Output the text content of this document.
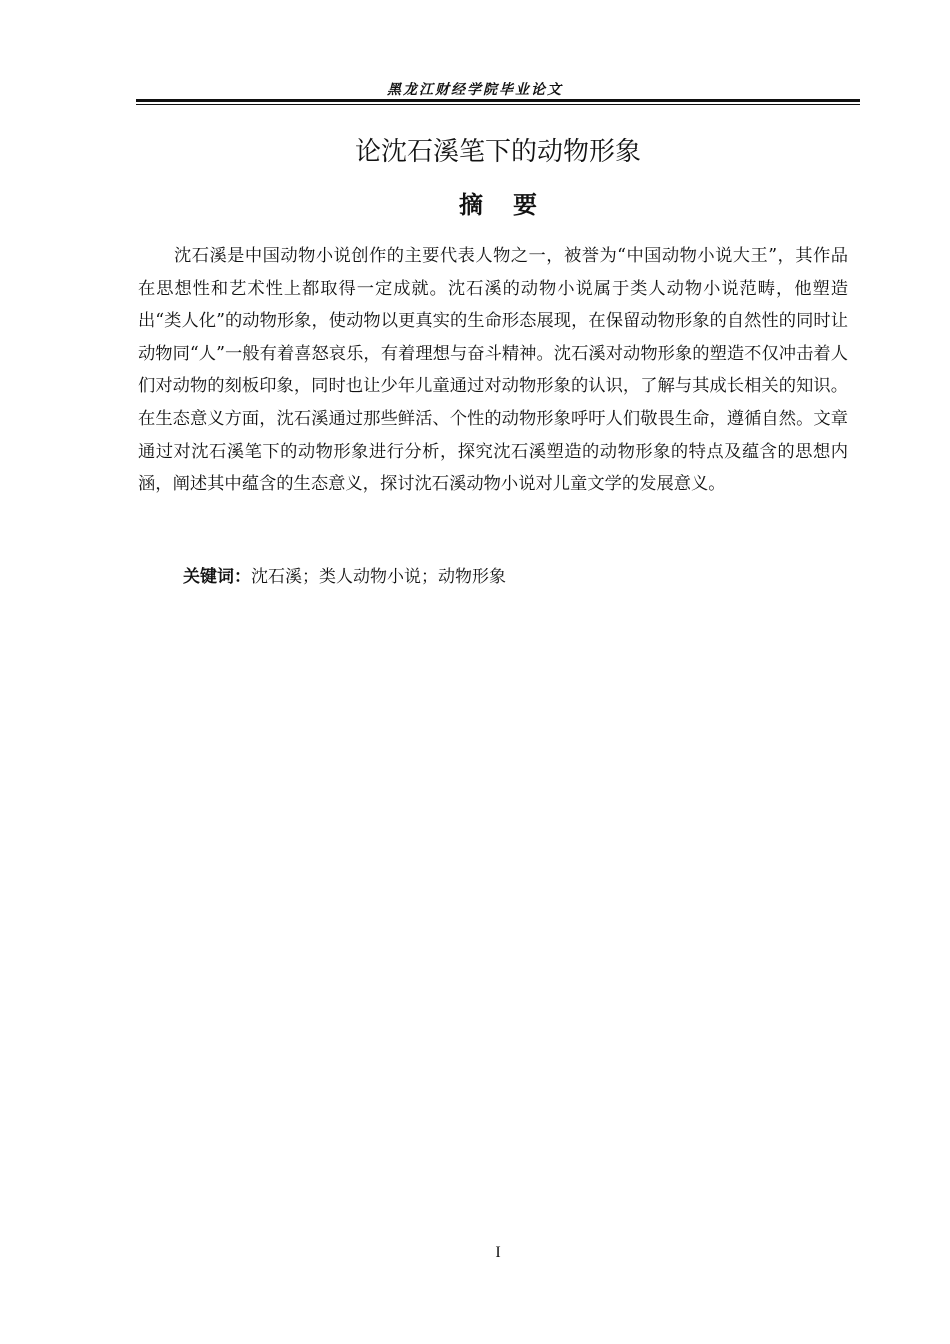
黑龙江财经学院毕业论文
论沈石溪笔下的动物形象
摘要

沈石溪是中国动物小说创作的主要代表人物之一，被誉为“中国动物小说大王”，其作品在思想性和艺术性上都取得一定成就。沈石溪的动物小说属于类人动物小说范畴，他塑造出“类人化”的动物形象，使动物以更真实的生命形态展现，在保留动物形象的自然性的同时让动物同“人”一般有着喜怒哀乐，有着理想与奋斗精神。沈石溪对动物形象的塑造不仅冲击着人们对动物的刻板印象，同时也让少年儿童通过对动物形象的认识，了解与其成长相关的知识。在生态意义方面，沈石溪通过那些鲜活、个性的动物形象呼吁人们敬畏生命，遵循自然。文章通过对沈石溪笔下的动物形象进行分析，探究沈石溪塑造的动物形象的特点及蕴含的思想内涵，阐述其中蕴含的生态意义，探讨沈石溪动物小说对儿童文学的发展意义。

关键词：沈石溪；类人动物小说；动物形象
I
